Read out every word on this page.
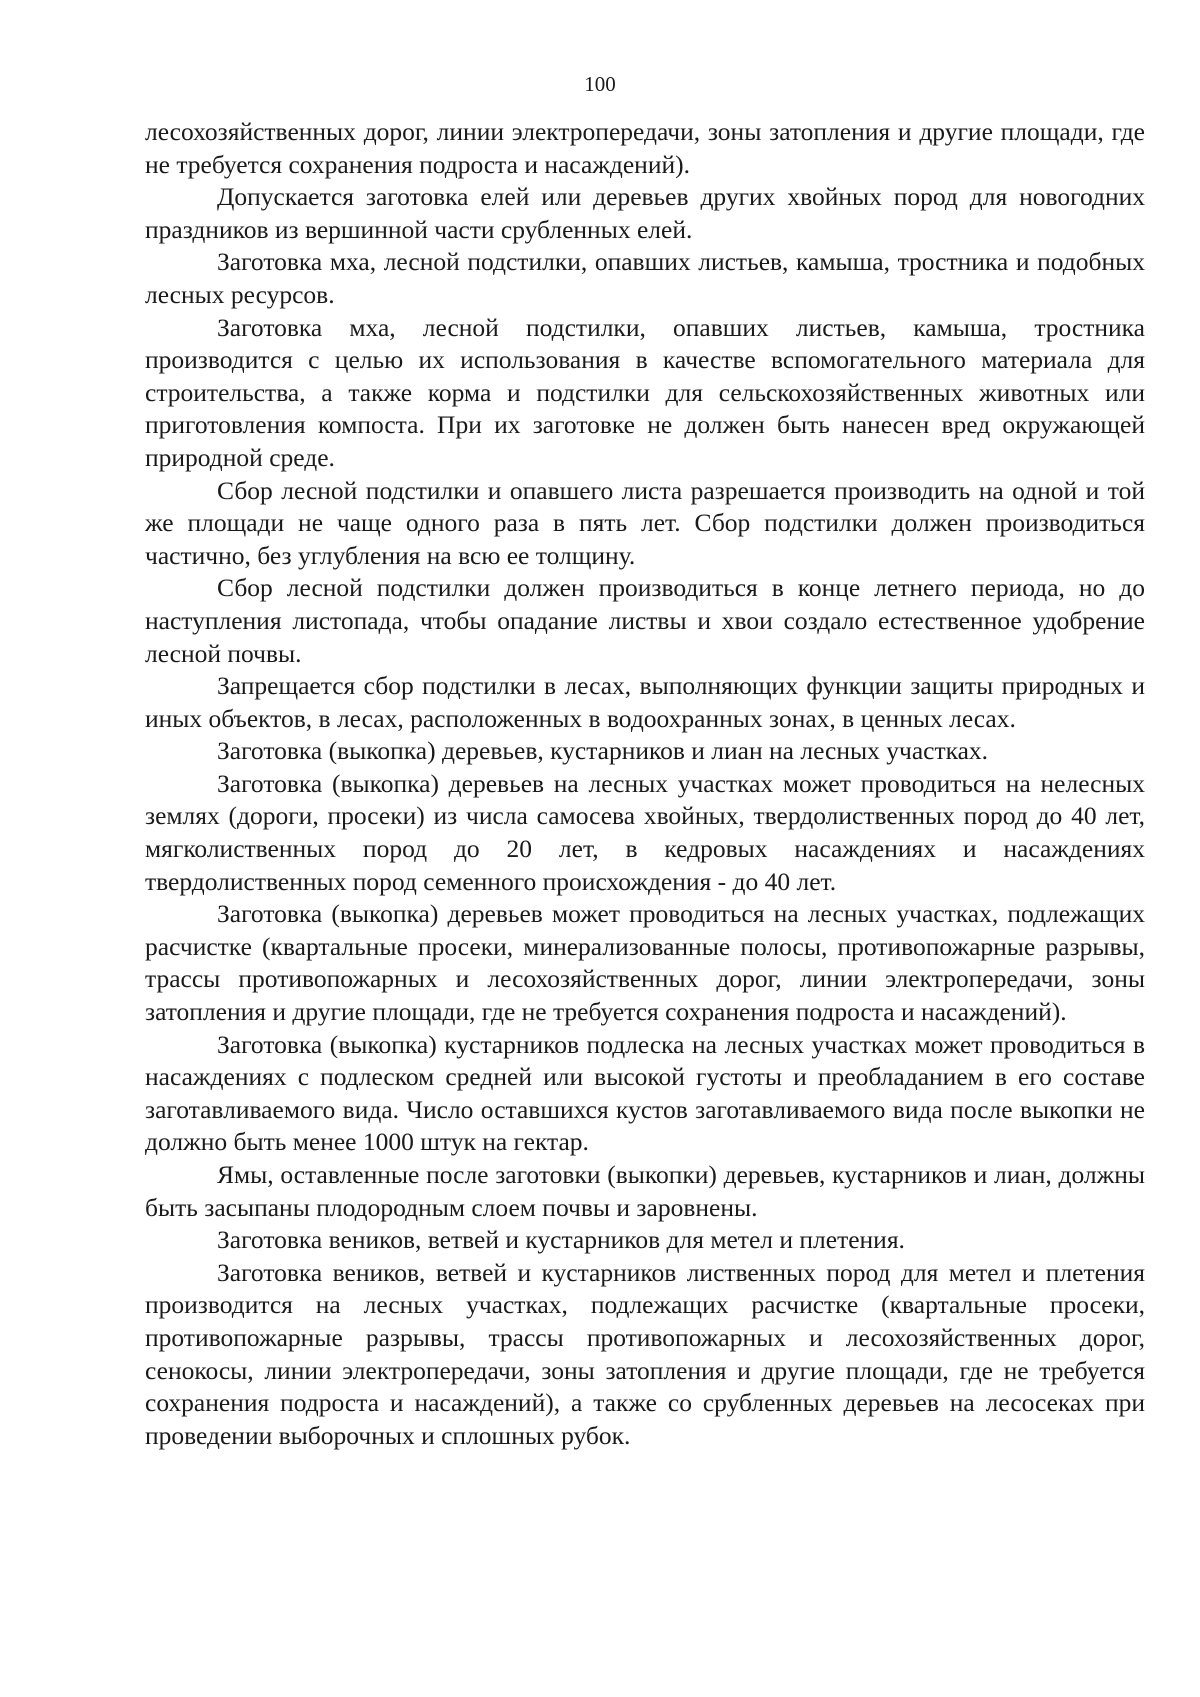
100

лесохозяйственных дорог, линии электропередачи, зоны затопления и другие площади, где не требуется сохранения подроста и насаждений).

Допускается заготовка елей или деревьев других хвойных пород для новогодних праздников из вершинной части срубленных елей.

Заготовка мха, лесной подстилки, опавших листьев, камыша, тростника и подобных лесных ресурсов.

Заготовка мха, лесной подстилки, опавших листьев, камыша, тростника производится с целью их использования в качестве вспомогательного материала для строительства, а также корма и подстилки для сельскохозяйственных животных или приготовления компоста. При их заготовке не должен быть нанесен вред окружающей природной среде.

Сбор лесной подстилки и опавшего листа разрешается производить на одной и той же площади не чаще одного раза в пять лет. Сбор подстилки должен производиться частично, без углубления на всю ее толщину.

Сбор лесной подстилки должен производиться в конце летнего периода, но до наступления листопада, чтобы опадание листвы и хвои создало естественное удобрение лесной почвы.

Запрещается сбор подстилки в лесах, выполняющих функции защиты природных и иных объектов, в лесах, расположенных в водоохранных зонах, в ценных лесах.

Заготовка (выкопка) деревьев, кустарников и лиан на лесных участках.

Заготовка (выкопка) деревьев на лесных участках может проводиться на нелесных землях (дороги, просеки) из числа самосева хвойных, твердолиственных пород до 40 лет, мягколиственных пород до 20 лет, в кедровых насаждениях и насаждениях твердолиственных пород семенного происхождения - до 40 лет.

Заготовка (выкопка) деревьев может проводиться на лесных участках, подлежащих расчистке (квартальные просеки, минерализованные полосы, противопожарные разрывы, трассы противопожарных и лесохозяйственных дорог, линии электропередачи, зоны затопления и другие площади, где не требуется сохранения подроста и насаждений).

Заготовка (выкопка) кустарников подлеска на лесных участках может проводиться в насаждениях с подлеском средней или высокой густоты и преобладанием в его составе заготавливаемого вида. Число оставшихся кустов заготавливаемого вида после выкопки не должно быть менее 1000 штук на гектар.

Ямы, оставленные после заготовки (выкопки) деревьев, кустарников и лиан, должны быть засыпаны плодородным слоем почвы и заровнены.

Заготовка веников, ветвей и кустарников для метел и плетения.

Заготовка веников, ветвей и кустарников лиственных пород для метел и плетения производится на лесных участках, подлежащих расчистке (квартальные просеки, противопожарные разрывы, трассы противопожарных и лесохозяйственных дорог, сенокосы, линии электропередачи, зоны затопления и другие площади, где не требуется сохранения подроста и насаждений), а также со срубленных деревьев на лесосеках при проведении выборочных и сплошных рубок.
